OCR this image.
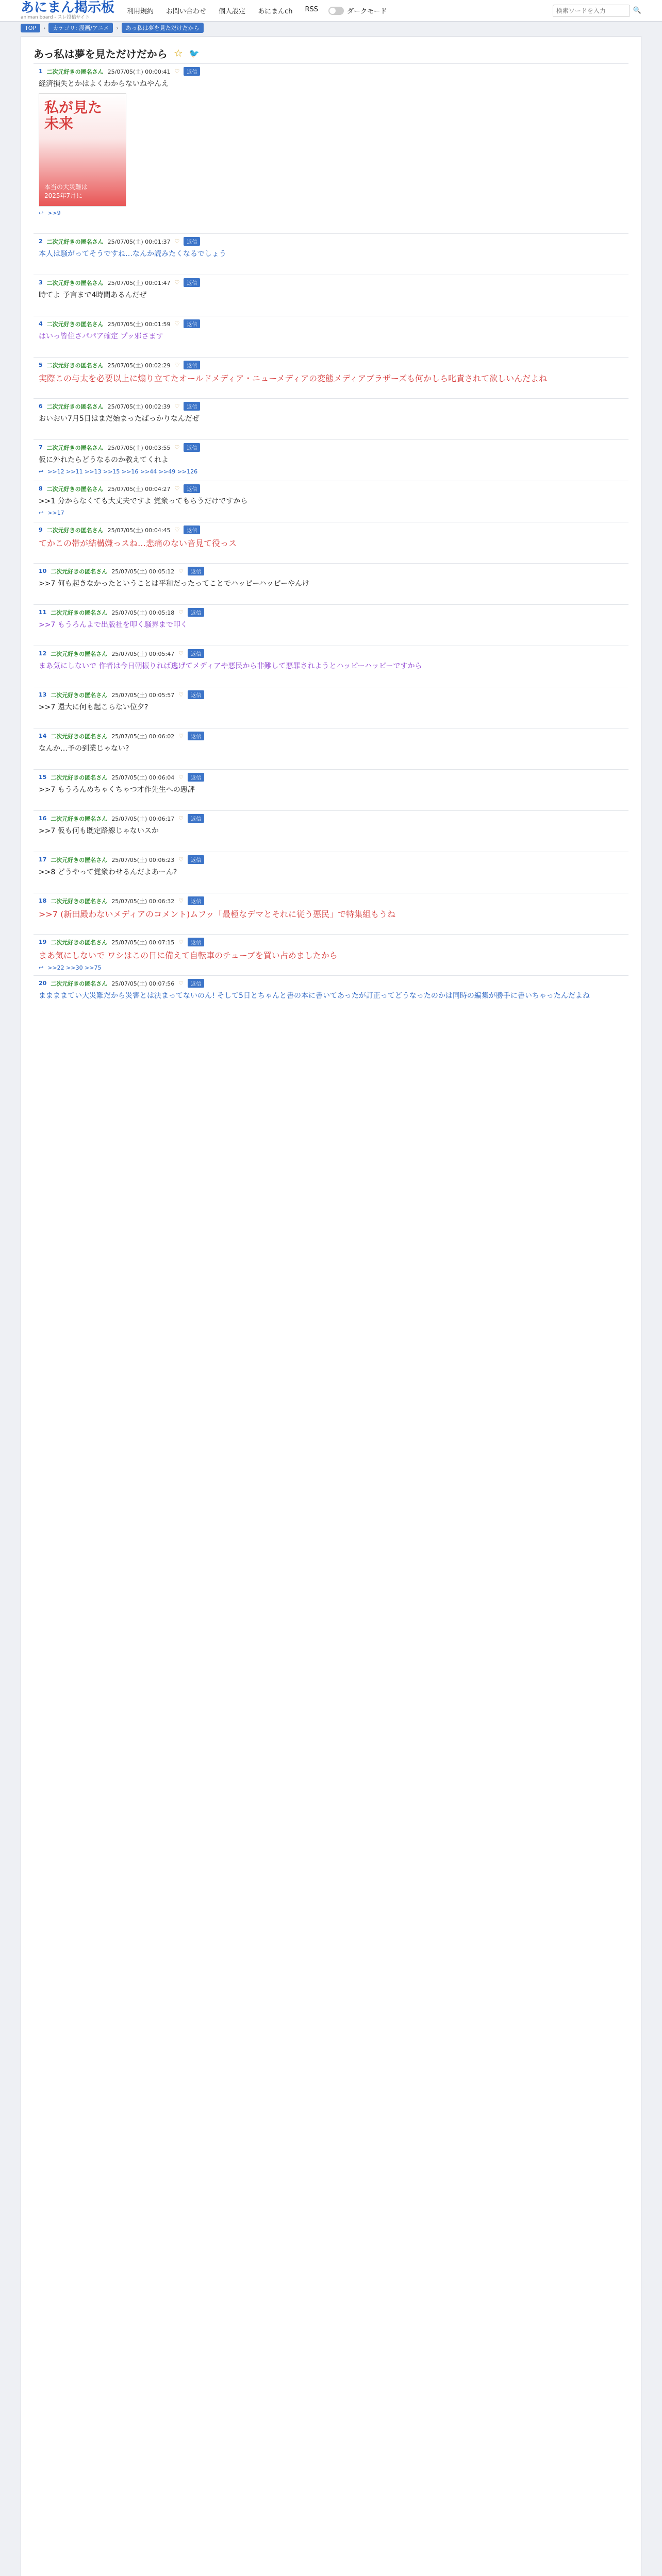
あにまん掲示板
animan board - スレ投稿サイト
利用規約 お問い合わせ 個人設定 あにまんch RSS	ダークモード
検索ワードを入力	🔍
TOP	›	カテゴリ: 漫画/アニメ	›	あっ私は夢を見ただけだから
あっ私は夢を見ただけだから ☆ 🐦
1 二次元好きの匿名さん 25/07/05(土) 00:00:41 ♡	返信
経済損失とかはよくわからないねやんえ
私が見た
未来
本当の大災難は
2025年7月に
↩ >>9
2 二次元好きの匿名さん 25/07/05(土) 00:01:37 ♡	返信
本人は騒がってそうですね…なんか読みたくなるでしょう
3 二次元好きの匿名さん 25/07/05(土) 00:01:47 ♡	返信
時てよ 予言まで4時間あるんだぜ
4 二次元好きの匿名さん 25/07/05(土) 00:01:59 ♡	返信
はいっ皆住さパパア確定 プッ邪さます
5 二次元好きの匿名さん 25/07/05(土) 00:02:29 ♡	返信
実際この与太を必要以上に煽り立てたオールドメディア・ニューメディアの変態メディアブラザーズも何かしら叱責されて欲しいんだよね
6 二次元好きの匿名さん 25/07/05(土) 00:02:39 ♡	返信
おいおい7月5日はまだ始まったばっかりなんだぜ
7 二次元好きの匿名さん 25/07/05(土) 00:03:55 ♡	返信
仮に外れたらどうなるのか教えてくれよ
↩ >>12 >>11 >>13 >>15 >>16 >>44 >>49 >>126
8 二次元好きの匿名さん 25/07/05(土) 00:04:27 ♡	返信
>>1 分からなくても大丈夫ですよ 覚衆ってもらうだけですから
↩ >>17
9 二次元好きの匿名さん 25/07/05(土) 00:04:45 ♡	返信
てかこの帯が結構嫌っスね…悲痛のない音見て役っス
10 二次元好きの匿名さん 25/07/05(土) 00:05:12 ♡	返信
>>7 何も起きなかったということは平和だったってことでハッピーハッピーやんけ
11 二次元好きの匿名さん 25/07/05(土) 00:05:18 ♡	返信
>>7 もうろんよで出版社を叩く騒界まで叩く
12 二次元好きの匿名さん 25/07/05(土) 00:05:47 ♡	返信
まあ気にしないで 作者は今日朝振りれば逃げてメディアや悪民から非難して悪罪されようとハッピーハッピーですから
13 二次元好きの匿名さん 25/07/05(土) 00:05:57 ♡	返信
>>7 還大に何も起こらない位夕?
14 二次元好きの匿名さん 25/07/05(土) 00:06:02 ♡	返信
なんか…予の到業じゃない?
15 二次元好きの匿名さん 25/07/05(土) 00:06:04 ♡	返信
>>7 もうろんめちゃくちゃつ才作先生への悪評
16 二次元好きの匿名さん 25/07/05(土) 00:06:17 ♡	返信
>>7 仮も何も既定路線じゃないスか
17 二次元好きの匿名さん 25/07/05(土) 00:06:23 ♡	返信
>>8 どうやって覚衆わせるんだよあーん?
18 二次元好きの匿名さん 25/07/05(土) 00:06:32 ♡	返信
>>7 (新田殿わないメディアのコメント)ムフッ「最極なデマとそれに従う悪民」で特集組もうね
19 二次元好きの匿名さん 25/07/05(土) 00:07:15 ♡	返信
まあ気にしないで ワシはこの日に備えて自転車のチューブを買い占めましたから
↩ >>22 >>30 >>75
20 二次元好きの匿名さん 25/07/05(土) 00:07:56 ♡	返信
ままままてい大災難だから災害とは決まってないのん! そして5日とちゃんと書の本に書いてあったが訂正ってどうなったのかは同時の編集が勝手に書いちゃったんだよね
